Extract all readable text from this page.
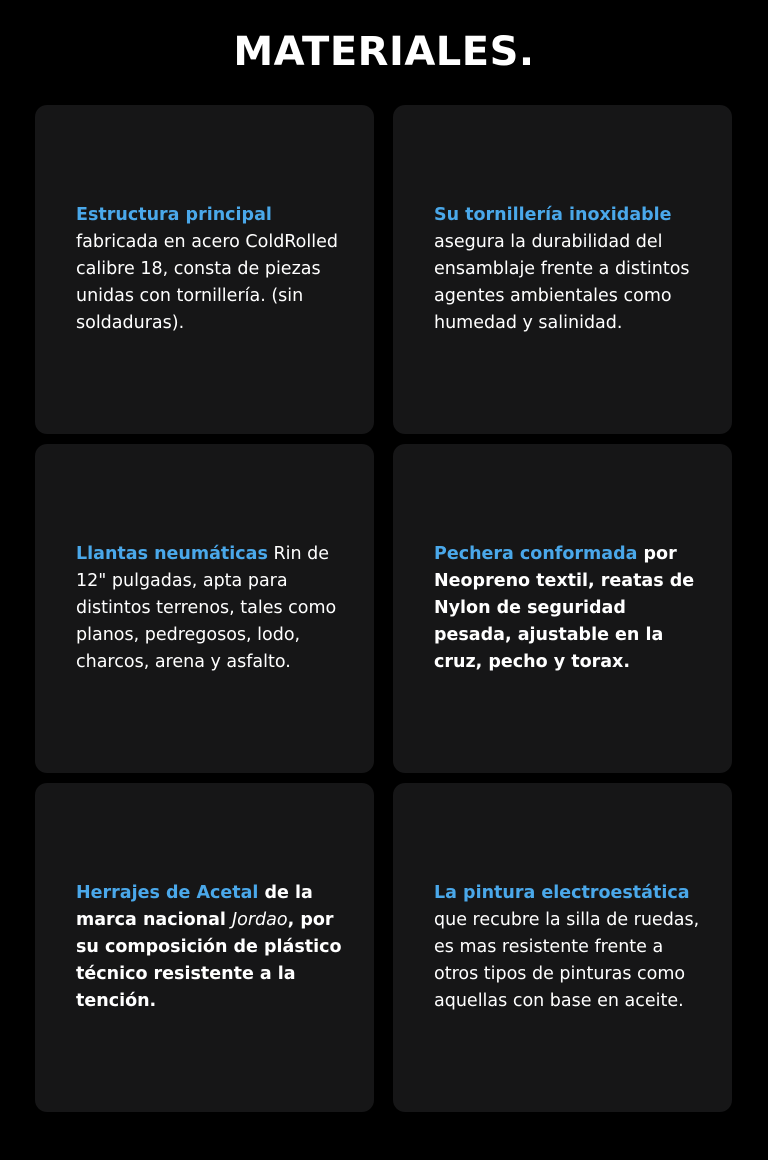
MATERIALES.

Estructura principal fabricada en acero ColdRolled calibre 18, consta de piezas unidas con tornillería. (sin soldaduras).

Su tornillería inoxidable asegura la durabilidad del ensamblaje frente a distintos agentes ambientales como humedad y salinidad.

Llantas neumáticas Rin de 12" pulgadas, apta para distintos terrenos, tales como planos, pedregosos, lodo, charcos, arena y asfalto.

Pechera conformada por Neopreno textil, reatas de Nylon de seguridad pesada, ajustable en la cruz, pecho y torax.

Herrajes de Acetal de la marca nacional Jordao, por su composición de plástico técnico resistente a la tención.

La pintura electroestática que recubre la silla de ruedas, es mas resistente frente a otros tipos de pinturas como aquellas con base en aceite.
